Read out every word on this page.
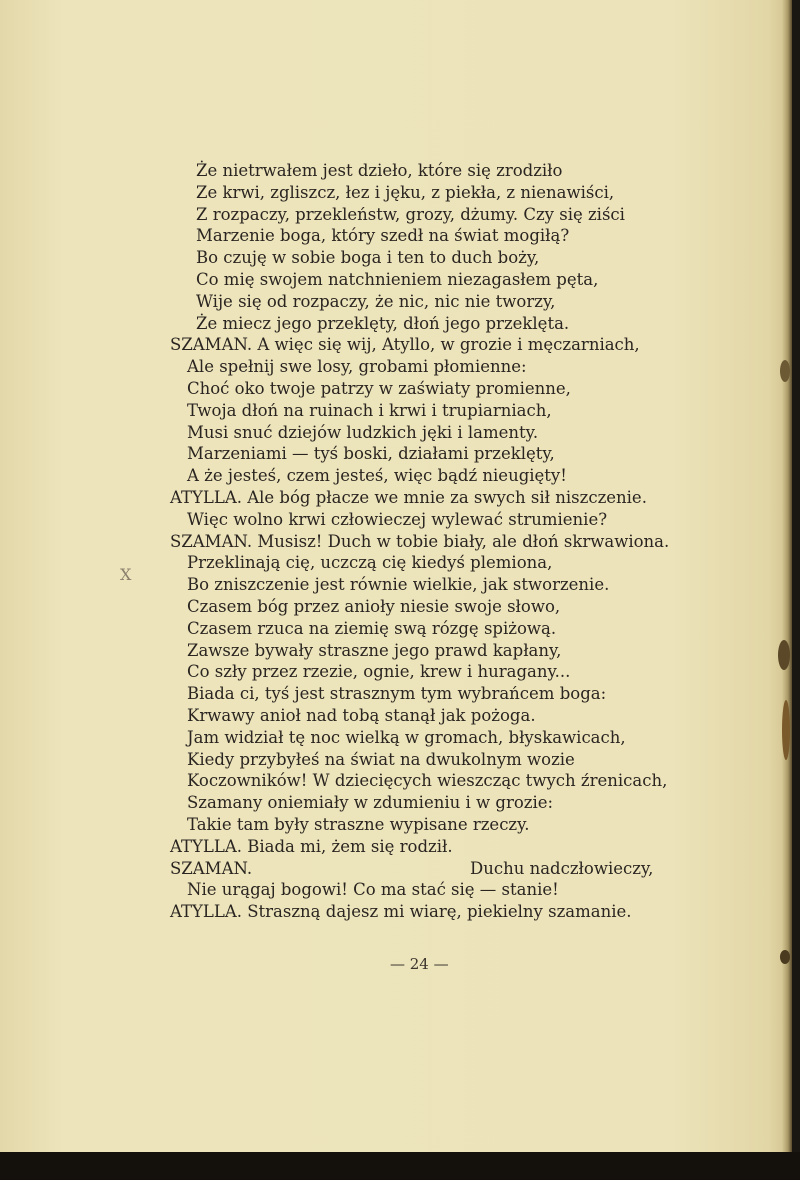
X
Że nietrwałem jest dzieło, które się zrodziło
Ze krwi, zgliszcz, łez i jęku, z piekła, z nienawiści,
Z rozpaczy, przekleństw, grozy, dżumy. Czy się ziści
Marzenie boga, który szedł na świat mogiłą?
Bo czuję w sobie boga i ten to duch boży,
Co mię swojem natchnieniem niezagasłem pęta,
Wije się od rozpaczy, że nic, nic nie tworzy,
Że miecz jego przeklęty, dłoń jego przeklęta.
SZAMAN. A więc się wij, Atyllo, w grozie i męczarniach,
Ale spełnij swe losy, grobami płomienne:
Choć oko twoje patrzy w zaświaty promienne,
Twoja dłoń na ruinach i krwi i trupiarniach,
Musi snuć dziejów ludzkich jęki i lamenty.
Marzeniami — tyś boski, działami przeklęty,
A że jesteś, czem jesteś, więc bądź nieugięty!
ATYLLA. Ale bóg płacze we mnie za swych sił niszczenie.
Więc wolno krwi człowieczej wylewać strumienie?
SZAMAN. Musisz! Duch w tobie biały, ale dłoń skrwawiona.
Przeklinają cię, uczczą cię kiedyś plemiona,
Bo zniszczenie jest równie wielkie, jak stworzenie.
Czasem bóg przez anioły niesie swoje słowo,
Czasem rzuca na ziemię swą rózgę spiżową.
Zawsze bywały straszne jego prawd kapłany,
Co szły przez rzezie, ognie, krew i huragany...
Biada ci, tyś jest strasznym tym wybrańcem boga:
Krwawy anioł nad tobą stanął jak pożoga.
Jam widział tę noc wielką w gromach, błyskawicach,
Kiedy przybyłeś na świat na dwukolnym wozie
Koczowników! W dziecięcych wieszcząc twych źrenicach,
Szamany oniemiały w zdumieniu i w grozie:
Takie tam były straszne wypisane rzeczy.
ATYLLA. Biada mi, żem się rodził.
SZAMAN.	Duchu nadczłowieczy,
Nie urągaj bogowi! Co ma stać się — stanie!
ATYLLA. Straszną dajesz mi wiarę, piekielny szamanie.
— 24 —
